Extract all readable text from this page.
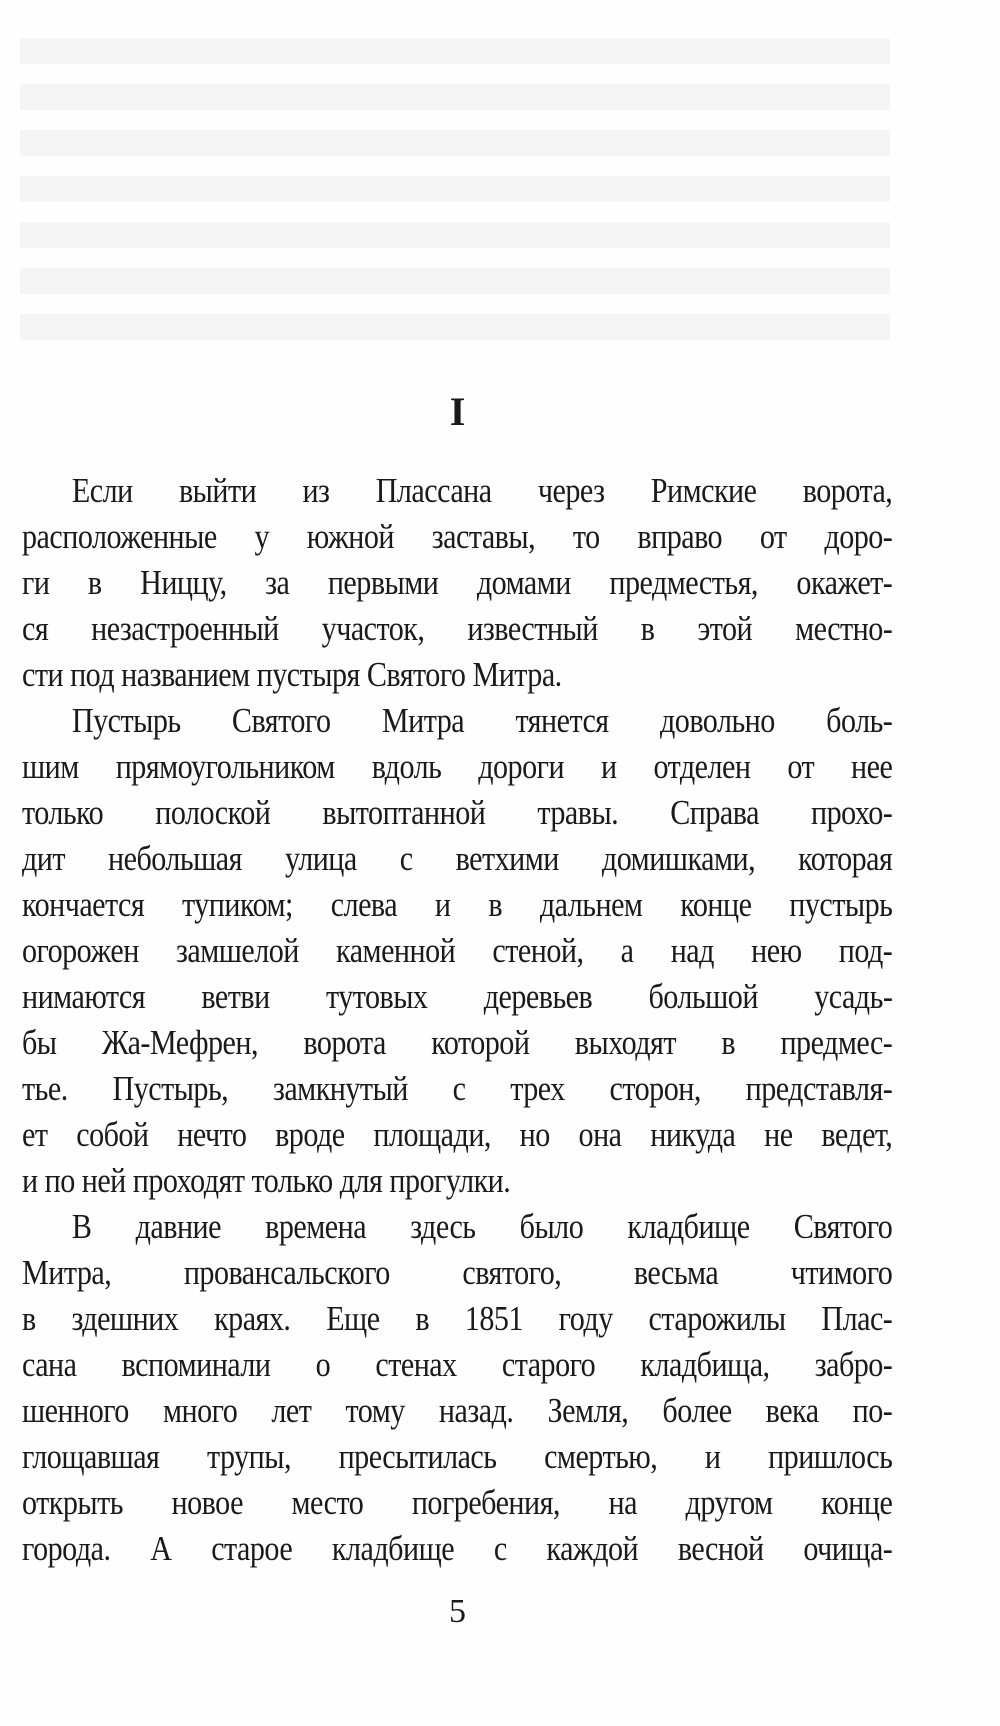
I
Если выйти из Плассана через Римские ворота,
расположенные у южной заставы, то вправо от доро-
ги в Ниццу, за первыми домами предместья, окажет-
ся незастроенный участок, известный в этой местно-
сти под названием пустыря Святого Митра.
Пустырь Святого Митра тянется довольно боль-
шим прямоугольником вдоль дороги и отделен от нее
только полоской вытоптанной травы. Справа прохо-
дит небольшая улица с ветхими домишками, которая
кончается тупиком; слева и в дальнем конце пустырь
огорожен замшелой каменной стеной, а над нею под-
нимаются ветви тутовых деревьев большой усадь-
бы Жа-Мефрен, ворота которой выходят в предмес-
тье. Пустырь, замкнутый с трех сторон, представля-
ет собой нечто вроде площади, но она никуда не ведет,
и по ней проходят только для прогулки.
В давние времена здесь было кладбище Святого
Митра, провансальского святого, весьма чтимого
в здешних краях. Еще в 1851 году старожилы Плас-
сана вспоминали о стенах старого кладбища, забро-
шенного много лет тому назад. Земля, более века по-
глощавшая трупы, пресытилась смертью, и пришлось
открыть новое место погребения, на другом конце
города. А старое кладбище с каждой весной очища-
5
